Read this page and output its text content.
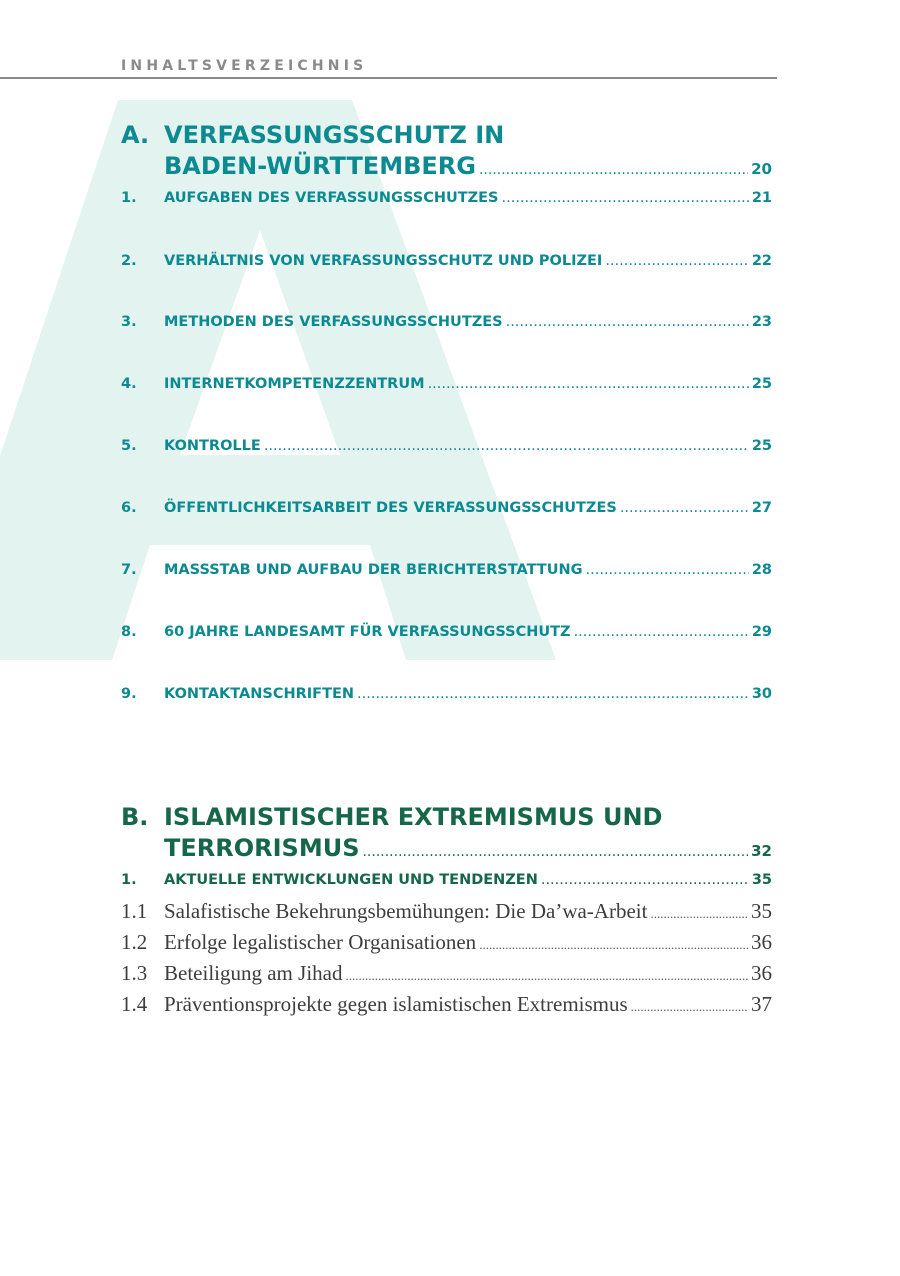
INHALTSVERZEICHNIS
A. VERFASSUNGSSCHUTZ IN
BADEN-WÜRTTEMBERG .....	20
1.	AUFGABEN DES VERFASSUNGSSCHUTZES .....	21
2.	VERHÄLTNIS VON VERFASSUNGSSCHUTZ UND POLIZEI .....	22
3.	METHODEN DES VERFASSUNGSSCHUTZES .....	23
4.	INTERNETKOMPETENZZENTRUM .....	25
5.	KONTROLLE .....	25
6.	ÖFFENTLICHKEITSARBEIT DES VERFASSUNGSSCHUTZES .....	27
7.	MASSSTAB UND AUFBAU DER BERICHTERSTATTUNG .....	28
8.	60 JAHRE LANDESAMT FÜR VERFASSUNGSSCHUTZ .....	29
9.	KONTAKTANSCHRIFTEN .....	30
B. ISLAMISTISCHER EXTREMISMUS UND
TERRORISMUS .....	32
1.	AKTUELLE ENTWICKLUNGEN UND TENDENZEN .....	35
1.1 Salafistische Bekehrungsbemühungen: Die Da’wa-Arbeit .....	35
1.2 Erfolge legalistischer Organisationen .....	36
1.3 Beteiligung am Jihad .....	36
1.4 Präventionsprojekte gegen islamistischen Extremismus .....	37
